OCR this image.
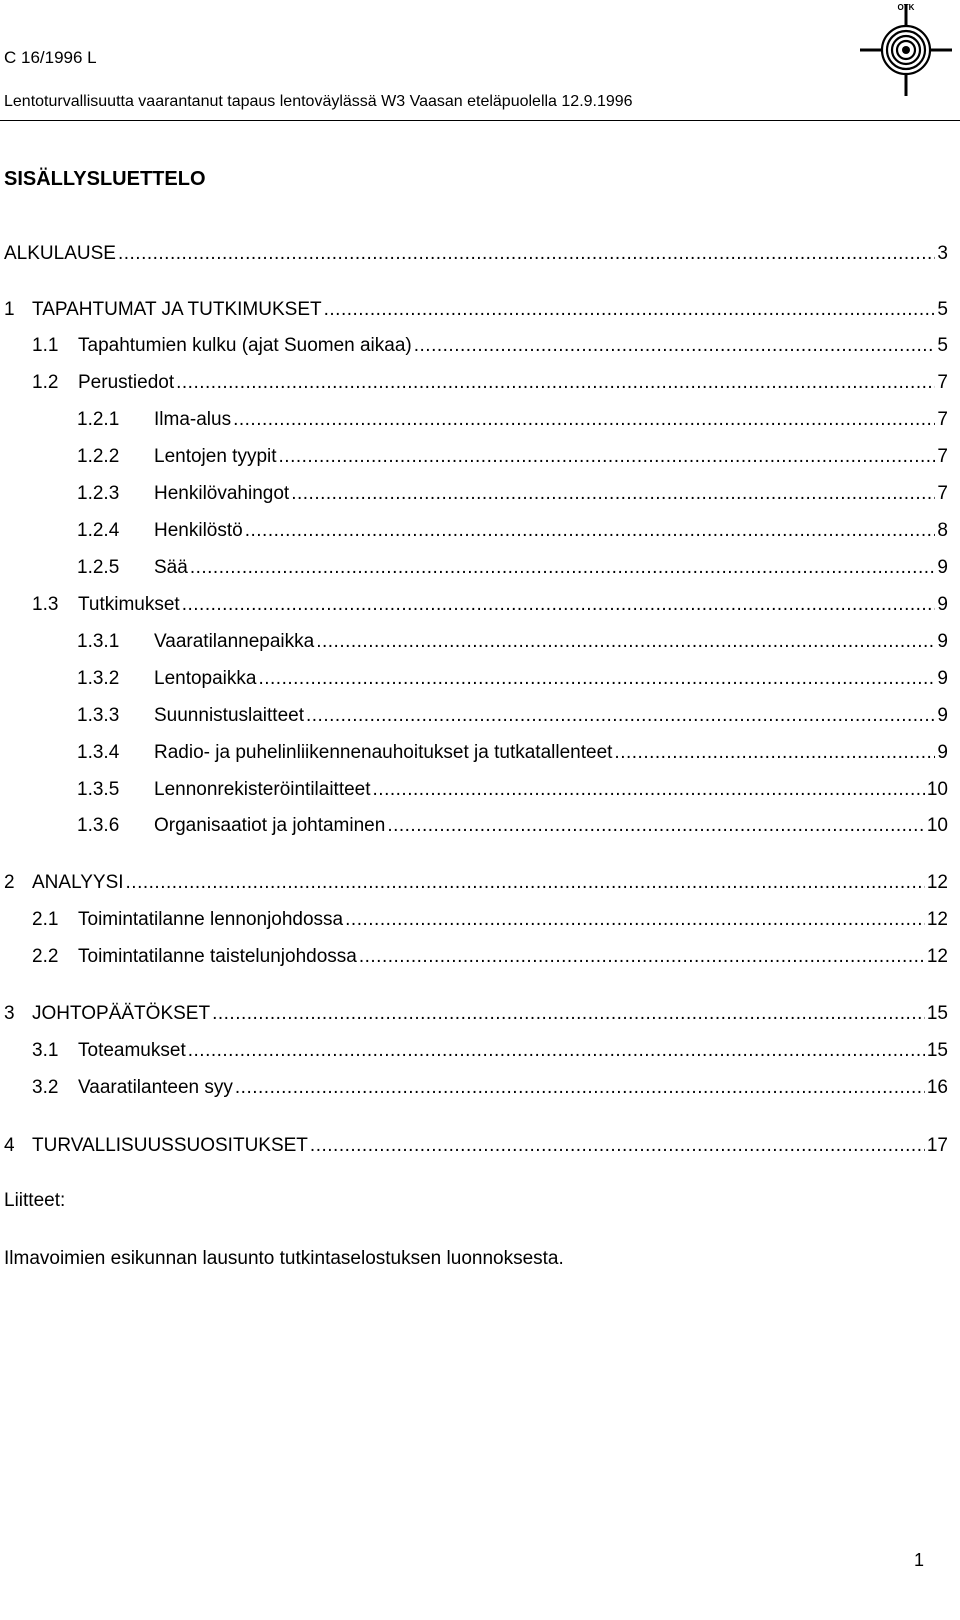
C 16/1996 L
Lentoturvallisuutta vaarantanut tapaus lentoväylässä W3 Vaasan eteläpuolella 12.9.1996
OTK
SISÄLLYSLUETTELO
ALKULAUSE .....	3
1 TAPAHTUMAT JA TUTKIMUKSET .....	5
1.1 Tapahtumien kulku (ajat Suomen aikaa) .....	5
1.2 Perustiedot .....	7
1.2.1 Ilma-alus .....	7
1.2.2 Lentojen tyypit .....	7
1.2.3 Henkilövahingot .....	7
1.2.4 Henkilöstö .....	8
1.2.5 Sää .....	9
1.3 Tutkimukset .....	9
1.3.1 Vaaratilannepaikka .....	9
1.3.2 Lentopaikka .....	9
1.3.3 Suunnistuslaitteet .....	9
1.3.4 Radio- ja puhelinliikennenauhoitukset ja tutkatallenteet .....	9
1.3.5 Lennonrekisteröintilaitteet .....	10
1.3.6 Organisaatiot ja johtaminen .....	10
2 ANALYYSI .....	12
2.1 Toimintatilanne lennonjohdossa .....	12
2.2 Toimintatilanne taistelunjohdossa .....	12
3 JOHTOPÄÄTÖKSET .....	15
3.1 Toteamukset .....	15
3.2 Vaaratilanteen syy .....	16
4 TURVALLISUUSSUOSITUKSET .....	17
Liitteet:
Ilmavoimien esikunnan lausunto tutkintaselostuksen luonnoksesta.
1
